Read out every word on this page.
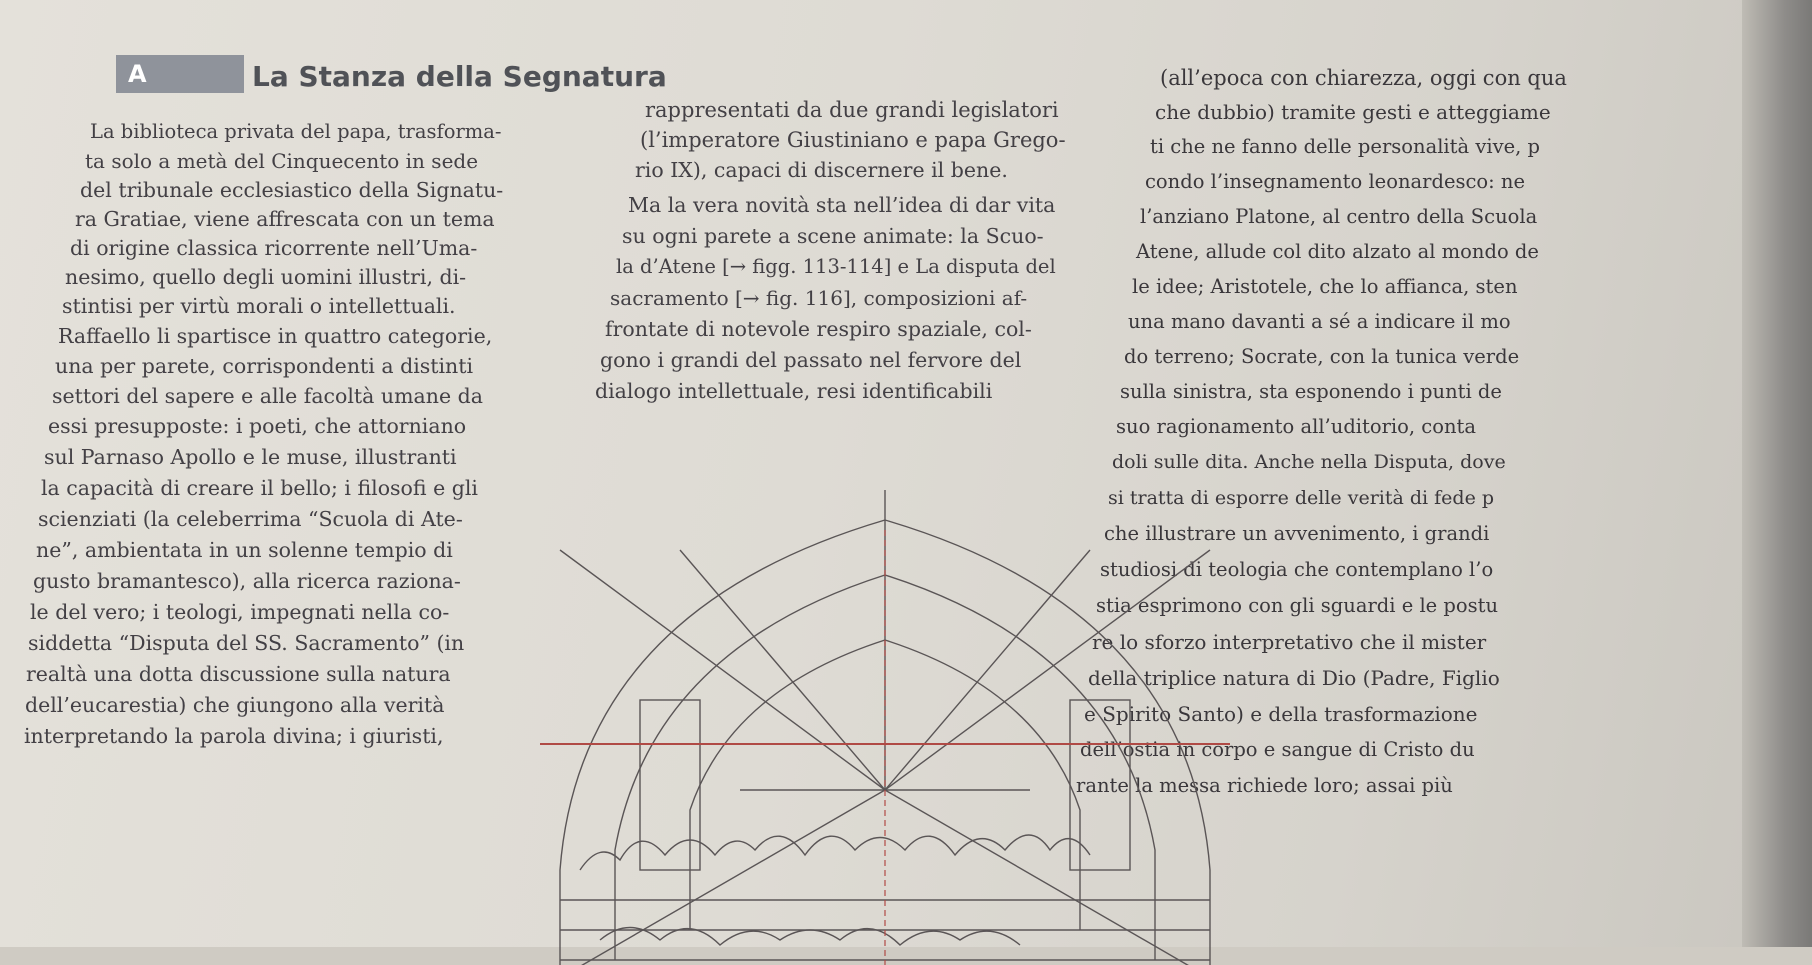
A	La Stanza della Segnatura
La biblioteca privata del papa, trasforma-
ta solo a metà del Cinquecento in sede
del tribunale ecclesiastico della Signatu-
ra Gratiae, viene affrescata con un tema
di origine classica ricorrente nell’Uma-
nesimo, quello degli uomini illustri, di-
stintisi per virtù morali o intellettuali.
Raffaello li spartisce in quattro categorie,
una per parete, corrispondenti a distinti
settori del sapere e alle facoltà umane da
essi presupposte: i poeti, che attorniano
sul Parnaso Apollo e le muse, illustranti
la capacità di creare il bello; i filosofi e gli
scienziati (la celeberrima “Scuola di Ate-
ne”, ambientata in un solenne tempio di
gusto bramantesco), alla ricerca raziona-
le del vero; i teologi, impegnati nella co-
siddetta “Disputa del SS. Sacramento” (in
realtà una dotta discussione sulla natura
dell’eucarestia) che giungono alla verità
interpretando la parola divina; i giuristi,
rappresentati da due grandi legislatori
(l’imperatore Giustiniano e papa Grego-
rio IX), capaci di discernere il bene.
Ma la vera novità sta nell’idea di dar vita
su ogni parete a scene animate: la Scuo-
la d’Atene [→ figg. 113-114] e La disputa del
sacramento [→ fig. 116], composizioni af-
frontate di notevole respiro spaziale, col-
gono i grandi del passato nel fervore del
dialogo intellettuale, resi identificabili
(all’epoca con chiarezza, oggi con qua
che dubbio) tramite gesti e atteggiame
ti che ne fanno delle personalità vive, p
condo l’insegnamento leonardesco: ne
l’anziano Platone, al centro della Scuola
Atene, allude col dito alzato al mondo de
le idee; Aristotele, che lo affianca, sten
una mano davanti a sé a indicare il mo
do terreno; Socrate, con la tunica verde
sulla sinistra, sta esponendo i punti de
suo ragionamento all’uditorio, conta
doli sulle dita. Anche nella Disputa, dove
si tratta di esporre delle verità di fede p
che illustrare un avvenimento, i grandi
studiosi di teologia che contemplano l’o
stia esprimono con gli sguardi e le postu
re lo sforzo interpretativo che il mister
della triplice natura di Dio (Padre, Figlio
e Spirito Santo) e della trasformazione
dell’ostia in corpo e sangue di Cristo du
rante la messa richiede loro; assai più
